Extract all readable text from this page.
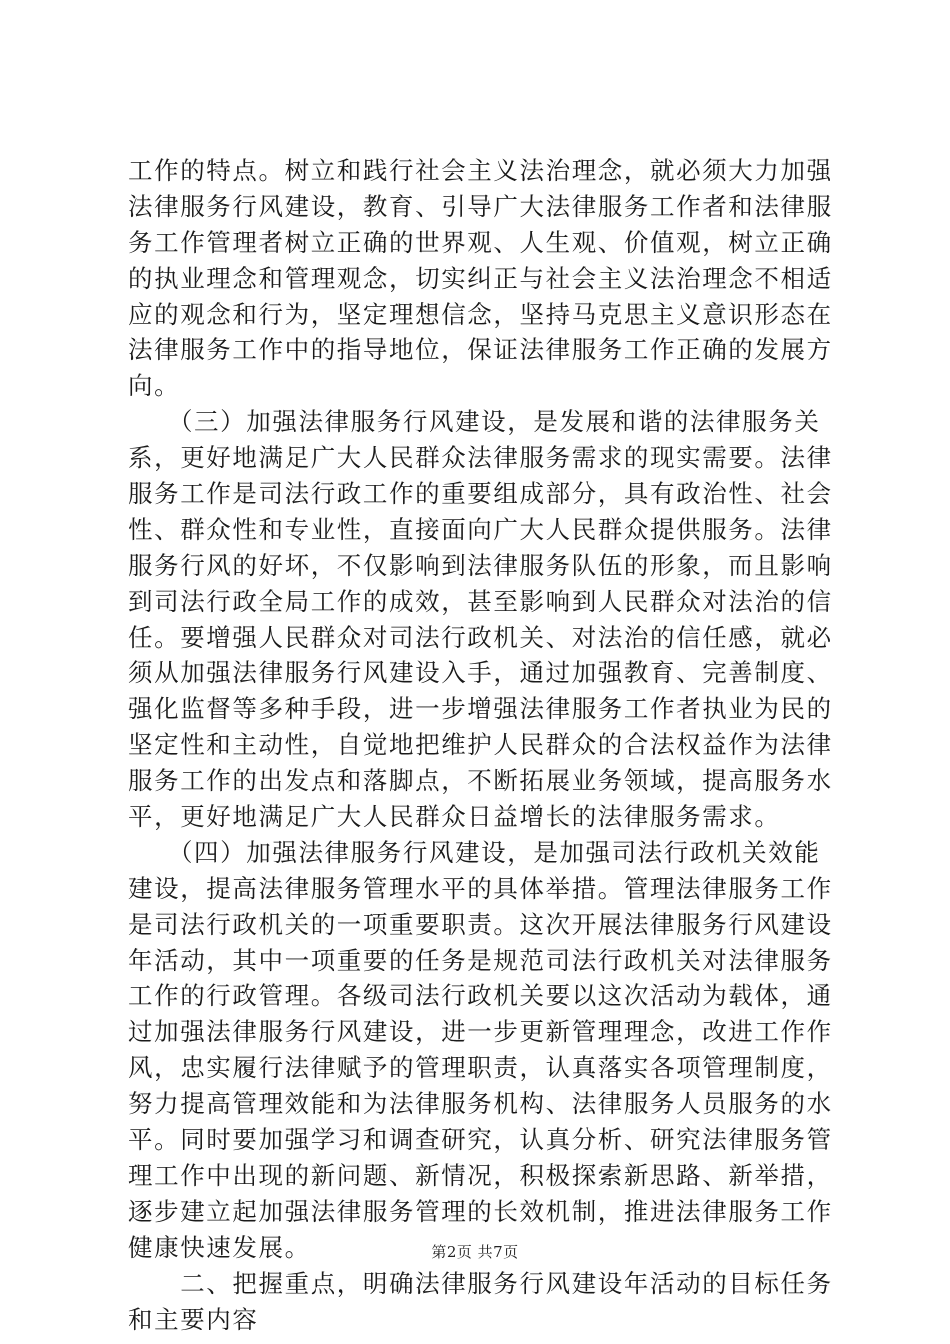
工作的特点。树立和践行社会主义法治理念，就必须大力加强
法律服务行风建设，教育、引导广大法律服务工作者和法律服
务工作管理者树立正确的世界观、人生观、价值观，树立正确
的执业理念和管理观念，切实纠正与社会主义法治理念不相适
应的观念和行为，坚定理想信念，坚持马克思主义意识形态在
法律服务工作中的指导地位，保证法律服务工作正确的发展方
向。
　　（三）加强法律服务行风建设，是发展和谐的法律服务关
系，更好地满足广大人民群众法律服务需求的现实需要。法律
服务工作是司法行政工作的重要组成部分，具有政治性、社会
性、群众性和专业性，直接面向广大人民群众提供服务。法律
服务行风的好坏，不仅影响到法律服务队伍的形象，而且影响
到司法行政全局工作的成效，甚至影响到人民群众对法治的信
任。要增强人民群众对司法行政机关、对法治的信任感，就必
须从加强法律服务行风建设入手，通过加强教育、完善制度、
强化监督等多种手段，进一步增强法律服务工作者执业为民的
坚定性和主动性，自觉地把维护人民群众的合法权益作为法律
服务工作的出发点和落脚点，不断拓展业务领域，提高服务水
平，更好地满足广大人民群众日益增长的法律服务需求。
　　（四）加强法律服务行风建设，是加强司法行政机关效能
建设，提高法律服务管理水平的具体举措。管理法律服务工作
是司法行政机关的一项重要职责。这次开展法律服务行风建设
年活动，其中一项重要的任务是规范司法行政机关对法律服务
工作的行政管理。各级司法行政机关要以这次活动为载体，通
过加强法律服务行风建设，进一步更新管理理念，改进工作作
风，忠实履行法律赋予的管理职责，认真落实各项管理制度，
努力提高管理效能和为法律服务机构、法律服务人员服务的水
平。同时要加强学习和调查研究，认真分析、研究法律服务管
理工作中出现的新问题、新情况，积极探索新思路、新举措，
逐步建立起加强法律服务管理的长效机制，推进法律服务工作
健康快速发展。
　　二、把握重点，明确法律服务行风建设年活动的目标任务
和主要内容
第2页 共7页
